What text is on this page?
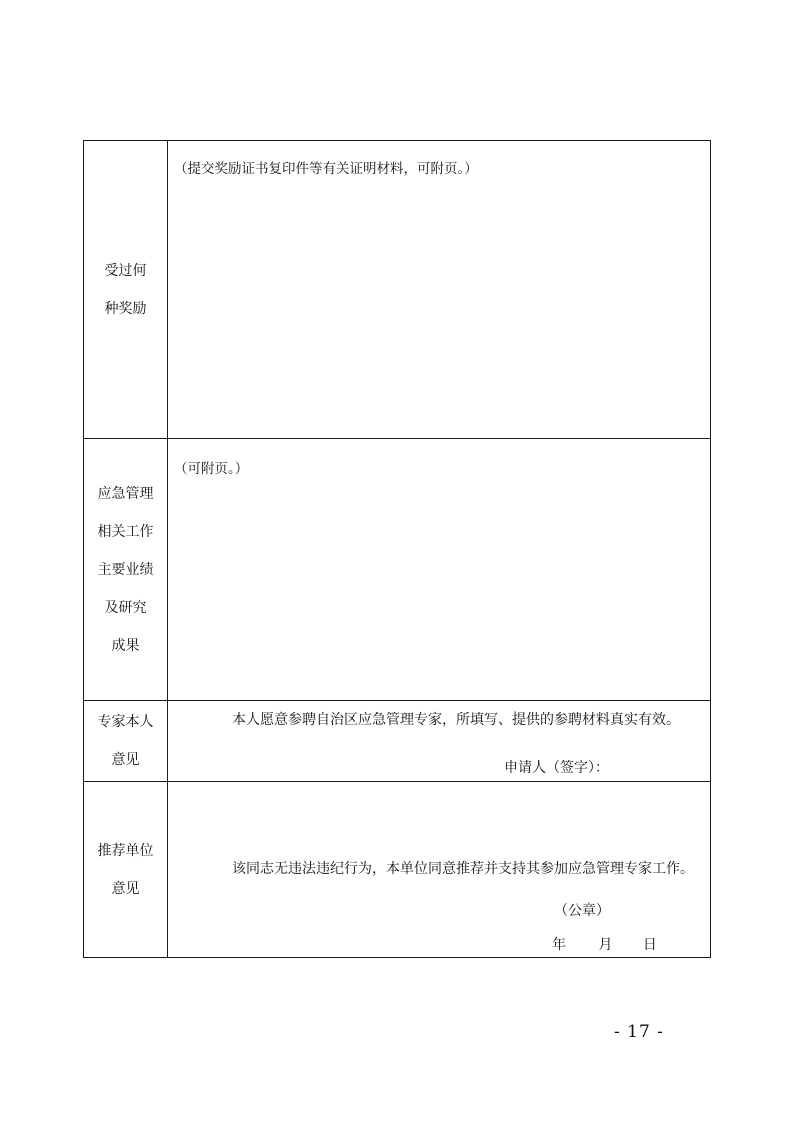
受过何
种奖励	（提交奖励证书复印件等有关证明材料，可附页。）

应急管理
相关工作
主要业绩
及研究
成果	（可附页。）

专家本人
意见	本人愿意参聘自治区应急管理专家，所填写、提供的参聘材料真实有效。
申请人（签字）：

推荐单位
意见	该同志无违法违纪行为，本单位同意推荐并支持其参加应急管理专家工作。
（公章）
年 月 日
- 17 -
